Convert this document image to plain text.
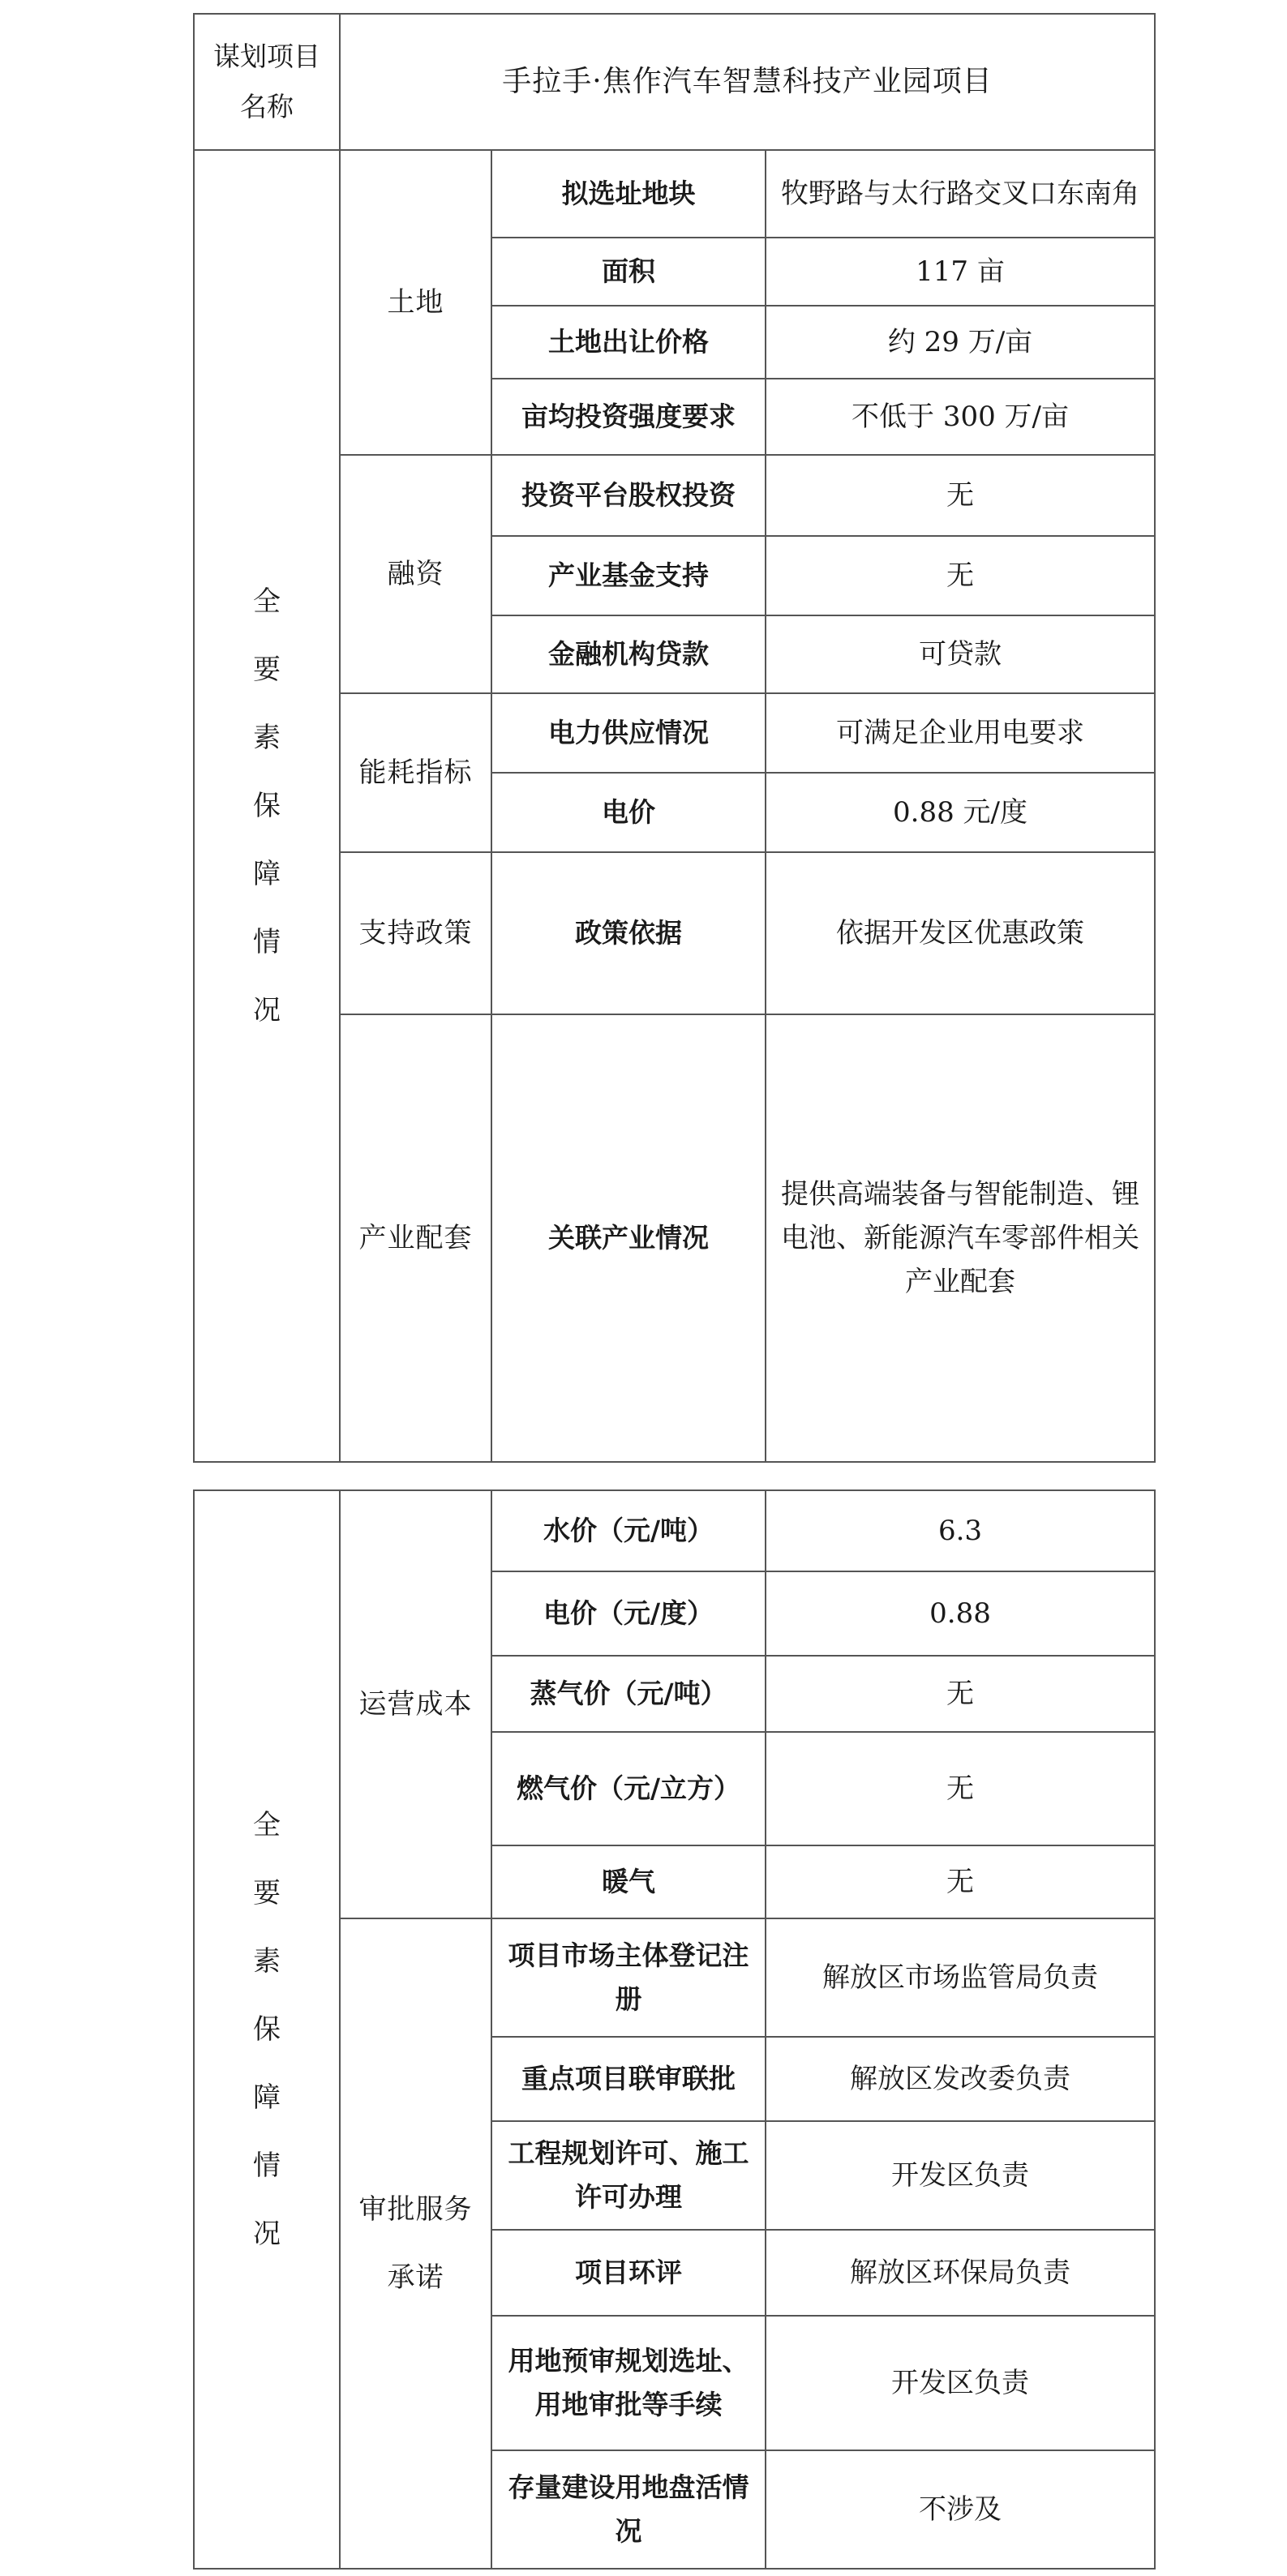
谋划项目
名称	手拉手·焦作汽车智慧科技产业园项目		
全要素保障情况	土地	拟选址地块	牧野路与太行路交叉口东南角
		面积	117 亩
		土地出让价格	约 29 万/亩
		亩均投资强度要求	不低于 300 万/亩
	融资	投资平台股权投资	无
		产业基金支持	无
		金融机构贷款	可贷款
	能耗指标	电力供应情况	可满足企业用电要求
		电价	0.88 元/度
	支持政策	政策依据	依据开发区优惠政策
	产业配套	关联产业情况	提供高端装备与智能制造、锂电池、新能源汽车零部件相关产业配套
全要素保障情况	运营成本	水价（元/吨）	6.3
		电价（元/度）	0.88
		蒸气价（元/吨）	无
		燃气价（元/立方）	无
		暖气	无
	审批服务承诺	项目市场主体登记注册	解放区市场监管局负责
		重点项目联审联批	解放区发改委负责
		工程规划许可、施工许可办理	开发区负责
		项目环评	解放区环保局负责
		用地预审规划选址、用地审批等手续	开发区负责
		存量建设用地盘活情况	不涉及
